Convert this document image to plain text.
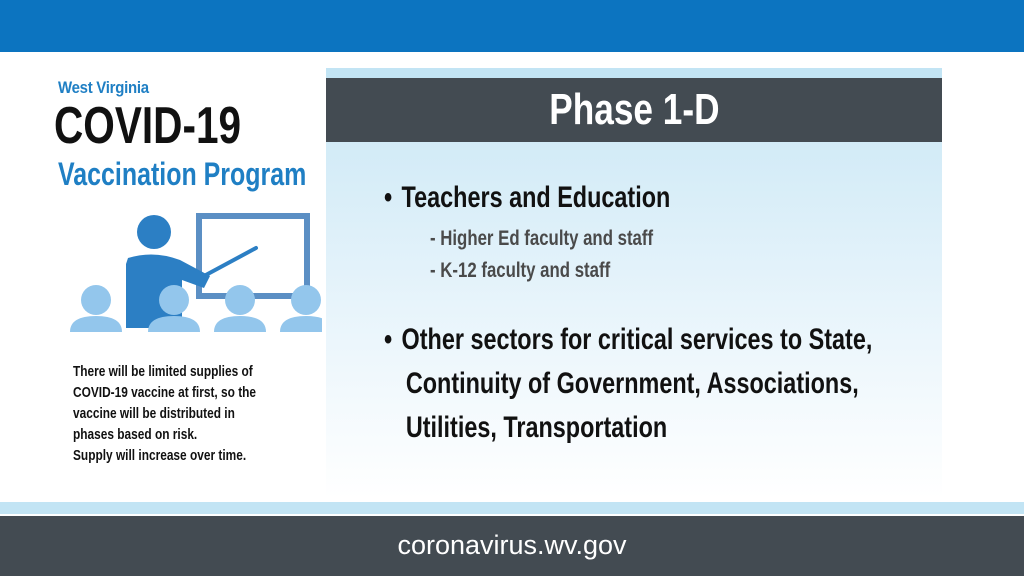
West Virginia
COVID-19
Vaccination Program
There will be limited supplies of
COVID-19 vaccine at first, so the
vaccine will be distributed in
phases based on risk.
Supply will increase over time.
Phase 1-D
• Teachers and Education
- Higher Ed faculty and staff
- K-12 faculty and staff
• Other sectors for critical services to State,
Continuity of Government, Associations,
Utilities, Transportation
coronavirus.wv.gov
